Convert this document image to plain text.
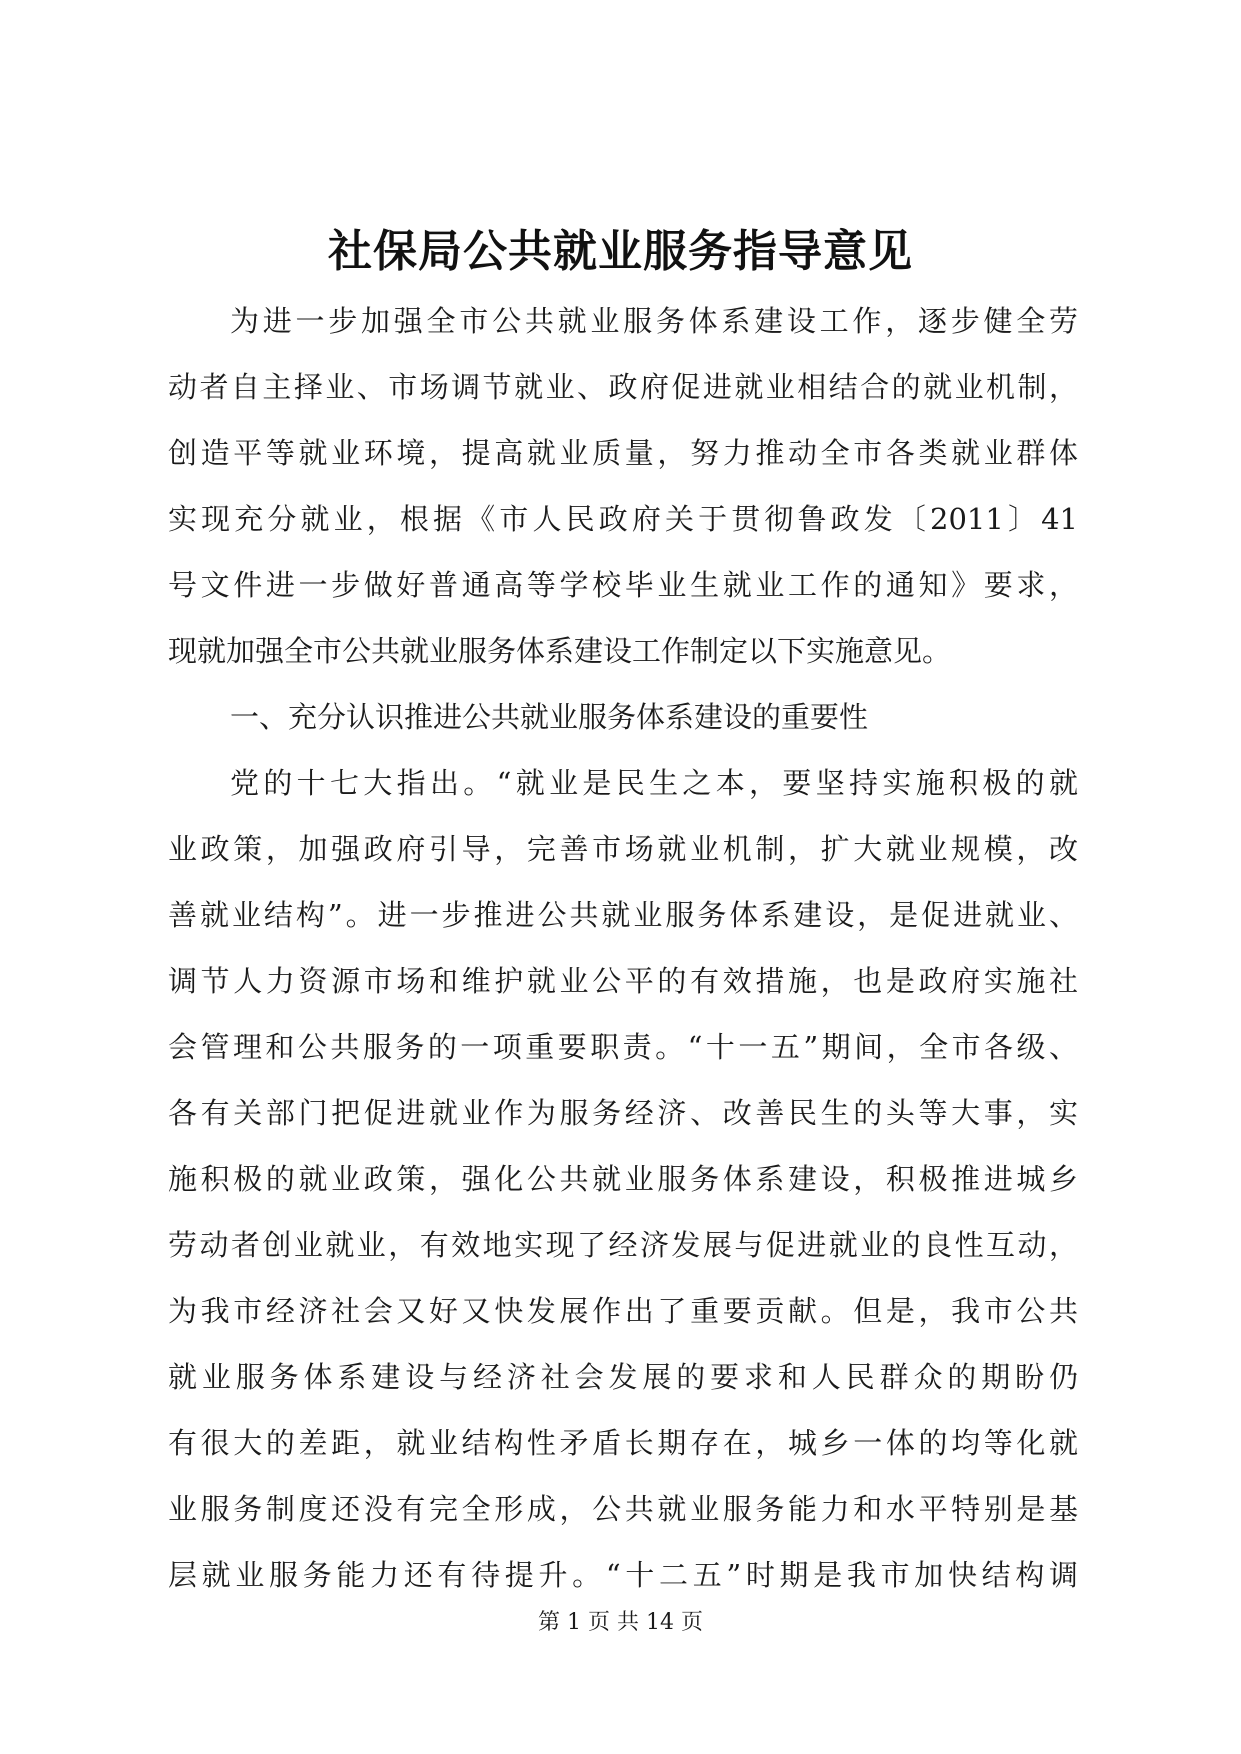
社保局公共就业服务指导意见
为进一步加强全市公共就业服务体系建设工作，逐步健全劳
动者自主择业、市场调节就业、政府促进就业相结合的就业机制，
创造平等就业环境，提高就业质量，努力推动全市各类就业群体
实现充分就业，根据《市人民政府关于贯彻鲁政发〔2011〕41
号文件进一步做好普通高等学校毕业生就业工作的通知》要求，
现就加强全市公共就业服务体系建设工作制定以下实施意见。
一、充分认识推进公共就业服务体系建设的重要性
党的十七大指出。“就业是民生之本，要坚持实施积极的就
业政策，加强政府引导，完善市场就业机制，扩大就业规模，改
善就业结构”。进一步推进公共就业服务体系建设，是促进就业、
调节人力资源市场和维护就业公平的有效措施，也是政府实施社
会管理和公共服务的一项重要职责。“十一五”期间，全市各级、
各有关部门把促进就业作为服务经济、改善民生的头等大事，实
施积极的就业政策，强化公共就业服务体系建设，积极推进城乡
劳动者创业就业，有效地实现了经济发展与促进就业的良性互动，
为我市经济社会又好又快发展作出了重要贡献。但是，我市公共
就业服务体系建设与经济社会发展的要求和人民群众的期盼仍
有很大的差距，就业结构性矛盾长期存在，城乡一体的均等化就
业服务制度还没有完全形成，公共就业服务能力和水平特别是基
层就业服务能力还有待提升。“十二五”时期是我市加快结构调
第 1 页 共 14 页
